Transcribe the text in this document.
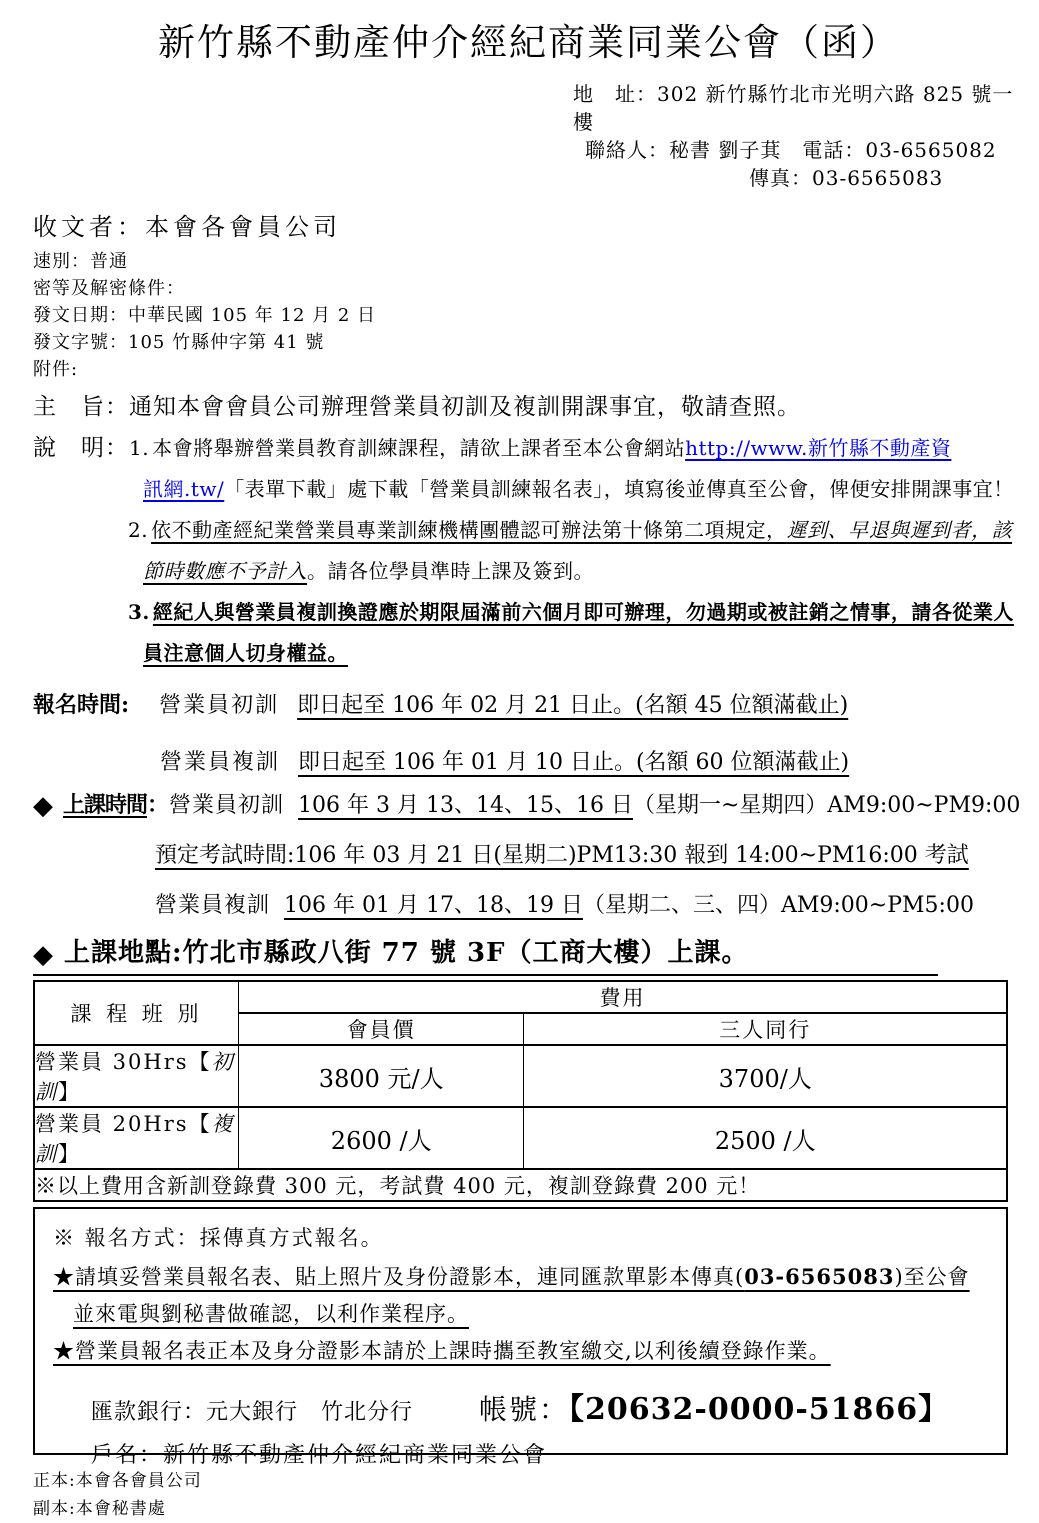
新竹縣不動產仲介經紀商業同業公會（函）
地　址：302 新竹縣竹北市光明六路 825 號一樓
聯絡人：秘書 劉子萁　電話：03-6565082
傳真：03-6565083
收文者：本會各會員公司
速別：普通
密等及解密條件：
發文日期：中華民國 105 年 12 月 2 日
發文字號：105 竹縣仲字第 41 號
附件:
主　旨：通知本會會員公司辦理營業員初訓及複訓開課事宜，敬請查照。
說　明：1. 本會將舉辦營業員教育訓練課程，請欲上課者至本公會網站http://www.新竹縣不動產資
訊網.tw/「表單下載」處下載「營業員訓練報名表」，填寫後並傳真至公會，俾便安排開課事宜！
2. 依不動產經紀業營業員專業訓練機構團體認可辦法第十條第二項規定，遲到、早退與遲到者，該節時數應不予計入。請各位學員準時上課及簽到。
3. 經紀人與營業員複訓換證應於期限屆滿前六個月即可辦理，勿過期或被註銷之情事，請各從業人員注意個人切身權益。
報名時間: 營業員初訓 即日起至 106 年 02 月 21 日止。(名額 45 位額滿截止)
營業員複訓 即日起至 106 年 01 月 10 日止。(名額 60 位額滿截止)
◆ 上課時間：營業員初訓 106 年 3 月 13、14、15、16 日（星期一~星期四）AM9:00~PM9:00
預定考試時間:106 年 03 月 21 日(星期二)PM13:30 報到 14:00~PM16:00 考試
營業員複訓 106 年 01 月 17、18、19 日（星期二、三、四）AM9:00~PM5:00
◆ 上課地點:竹北市縣政八街 77 號 3F（工商大樓）上課。
課 程 班 別	費用	
	會員價	三人同行
營業員 30Hrs【初訓】	3800 元/人	3700/人
營業員 20Hrs【複訓】	2600 /人	2500 /人
※以上費用含新訓登錄費 300 元，考試費 400 元，複訓登錄費 200 元！		
※ 報名方式：採傳真方式報名。
★請填妥營業員報名表、貼上照片及身份證影本，連同匯款單影本傳真(03-6565083)至公會並來電與劉秘書做確認，以利作業程序。
★營業員報名表正本及身分證影本請於上課時攜至教室繳交,以利後續登錄作業。
匯款銀行：元大銀行　竹北分行 帳號：【20632-0000-51866】
戶名：新竹縣不動產仲介經紀商業同業公會
正本:本會各會員公司
副本:本會秘書處
